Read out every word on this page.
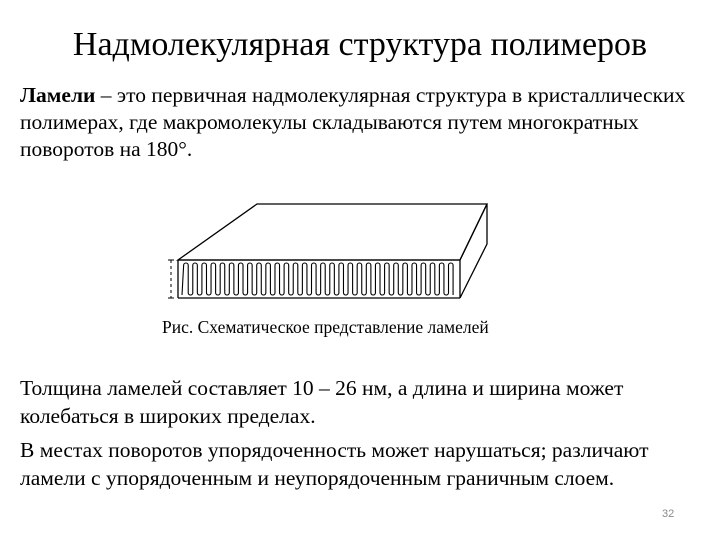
Надмолекулярная структура полимеров
Ламели – это первичная надмолекулярная структура в кристаллических полимерах, где макромолекулы складываются путем многократных поворотов на 180°.
Рис. Схематическое представление ламелей

Толщина ламелей составляет 10 – 26 нм, а длина и ширина может колебаться в широких пределах.

В местах поворотов упорядоченность может нарушаться; различают ламели с упорядоченным и неупорядоченным граничным слоем.

32
